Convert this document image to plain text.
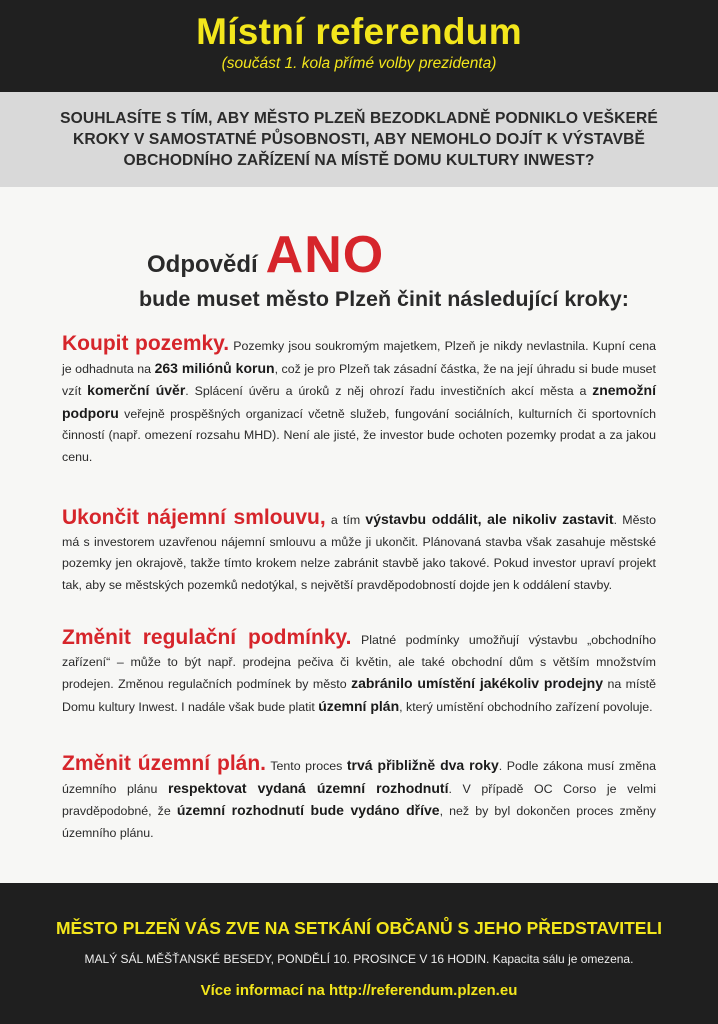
Místní referendum
(součást 1. kola přímé volby prezidenta)

SOUHLASÍTE S TÍM, ABY MĚSTO PLZEŇ BEZODKLADNĚ PODNIKLO VEŠKERÉ KROKY V SAMOSTATNÉ PŮSOBNOSTI, ABY NEMOHLO DOJÍT K VÝSTAVBĚ OBCHODNÍHO ZAŘÍZENÍ NA MÍSTĚ DOMU KULTURY INWEST?

Odpovědí ANO
bude muset město Plzeň činit následující kroky:
Koupit pozemky. Pozemky jsou soukromým majetkem, Plzeň je nikdy nevlastnila. Kupní cena je odhadnuta na 263 miliónů korun, což je pro Plzeň tak zásadní částka, že na její úhradu si bude muset vzít komerční úvěr. Splácení úvěru a úroků z něj ohrozí řadu investičních akcí města a znemožní podporu veřejně prospěšných organizací včetně služeb, fungování sociálních, kulturních či sportovních činností (např. omezení rozsahu MHD). Není ale jisté, že investor bude ochoten pozemky prodat a za jakou cenu.
Ukončit nájemní smlouvu, a tím výstavbu oddálit, ale nikoliv zastavit. Město má s investorem uzavřenou nájemní smlouvu a může ji ukončit. Plánovaná stavba však zasahuje městské pozemky jen okrajově, takže tímto krokem nelze zabránit stavbě jako takové. Pokud investor upraví projekt tak, aby se městských pozemků nedotýkal, s největší pravděpodobností dojde jen k oddálení stavby.
Změnit regulační podmínky. Platné podmínky umožňují výstavbu „obchodního zařízení“ – může to být např. prodejna pečiva či květin, ale také obchodní dům s větším množstvím prodejen. Změnou regulačních podmínek by město zabránilo umístění jakékoliv prodejny na místě Domu kultury Inwest. I nadále však bude platit územní plán, který umístění obchodního zařízení povoluje.
Změnit územní plán. Tento proces trvá přibližně dva roky. Podle zákona musí změna územního plánu respektovat vydaná územní rozhodnutí. V případě OC Corso je velmi pravděpodobné, že územní rozhodnutí bude vydáno dříve, než by byl dokončen proces změny územního plánu.
MĚSTO PLZEŇ VÁS ZVE NA SETKÁNÍ OBČANŮ S JEHO PŘEDSTAVITELI
MALÝ SÁL MĚŠŤANSKÉ BESEDY, PONDĚLÍ 10. PROSINCE V 16 HODIN. Kapacita sálu je omezena.
Více informací na http://referendum.plzen.eu
